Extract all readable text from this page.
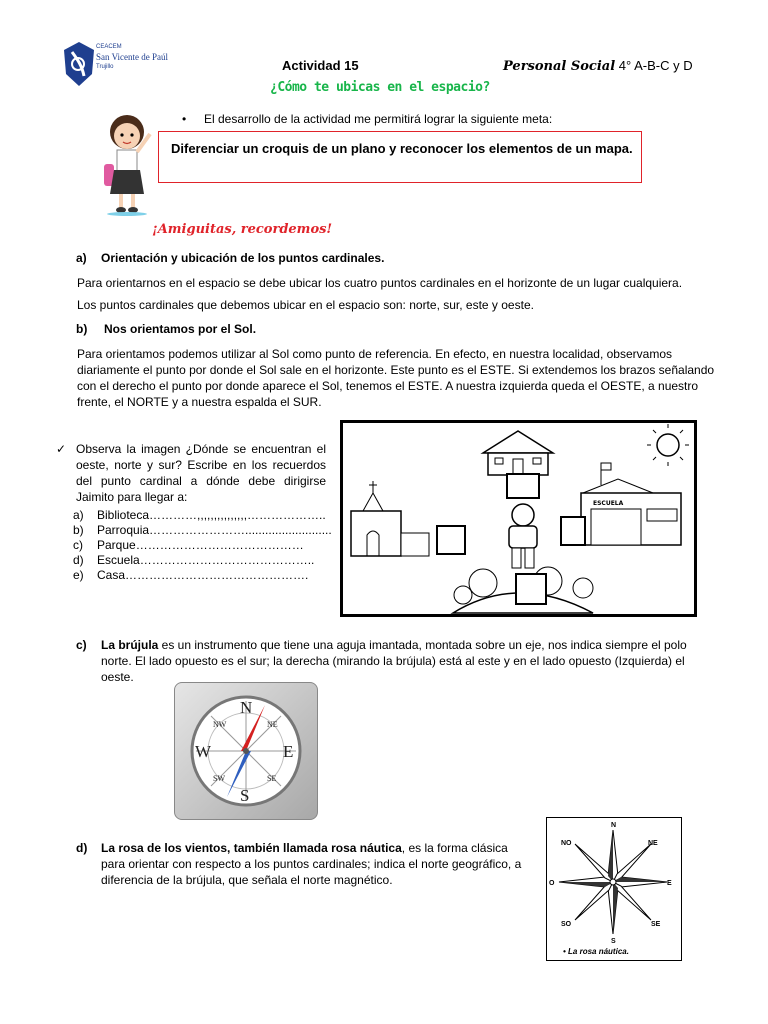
CEACEM
San Vicente de Paúl
Trujillo	Actividad 15	Personal Social 4° A-B-C y D
¿Cómo te ubicas en el espacio?
• El desarrollo de la actividad me permitirá lograr la siguiente meta:
Diferenciar un croquis de un plano y reconocer los elementos de un mapa.
¡Amiguitas, recordemos!
a) Orientación y ubicación de los puntos cardinales.
Para orientarnos en el espacio se debe ubicar los cuatro puntos cardinales en el horizonte de un lugar cualquiera.
Los puntos cardinales que debemos ubicar en el espacio son: norte, sur, este y oeste.
b) Nos orientamos por el Sol.
Para orientamos podemos utilizar al Sol como punto de referencia. En efecto, en nuestra localidad, observamos diariamente el punto por donde el Sol sale en el horizonte. Este punto es el ESTE. Si extendemos los brazos señalando con el derecho el punto por donde aparece el Sol, tenemos el ESTE. A nuestra izquierda queda el OESTE, a nuestro frente, el NORTE y a nuestra espalda el SUR.
✓ Observa la imagen ¿Dónde se encuentran el oeste, norte y sur? Escribe en los recuerdos del punto cardinal a dónde debe dirigirse Jaimito para llegar a:
a) Biblioteca…………,,,,,,,,,,,,,,,………………..
b) Parroquia……………………..........................
c) Parque……………………………………
d) Escuela……………………………………..
e) Casa……………………………………….
ESCUELA
c) La brújula es un instrumento que tiene una aguja imantada, montada sobre un eje, nos indica siempre el polo norte. El lado opuesto es el sur; la derecha (mirando la brújula) está al este y en el lado opuesto (Izquierda) el oeste.
N
S
E
W
NE
NW
SE
SW
d) La rosa de los vientos, también llamada rosa náutica, es la forma clásica para orientar con respecto a los puntos cardinales; indica el norte geográfico, a diferencia de la brújula, que señala el norte magnético.
N
NE
NO
E
O
SE
SO
S
• La rosa náutica.
